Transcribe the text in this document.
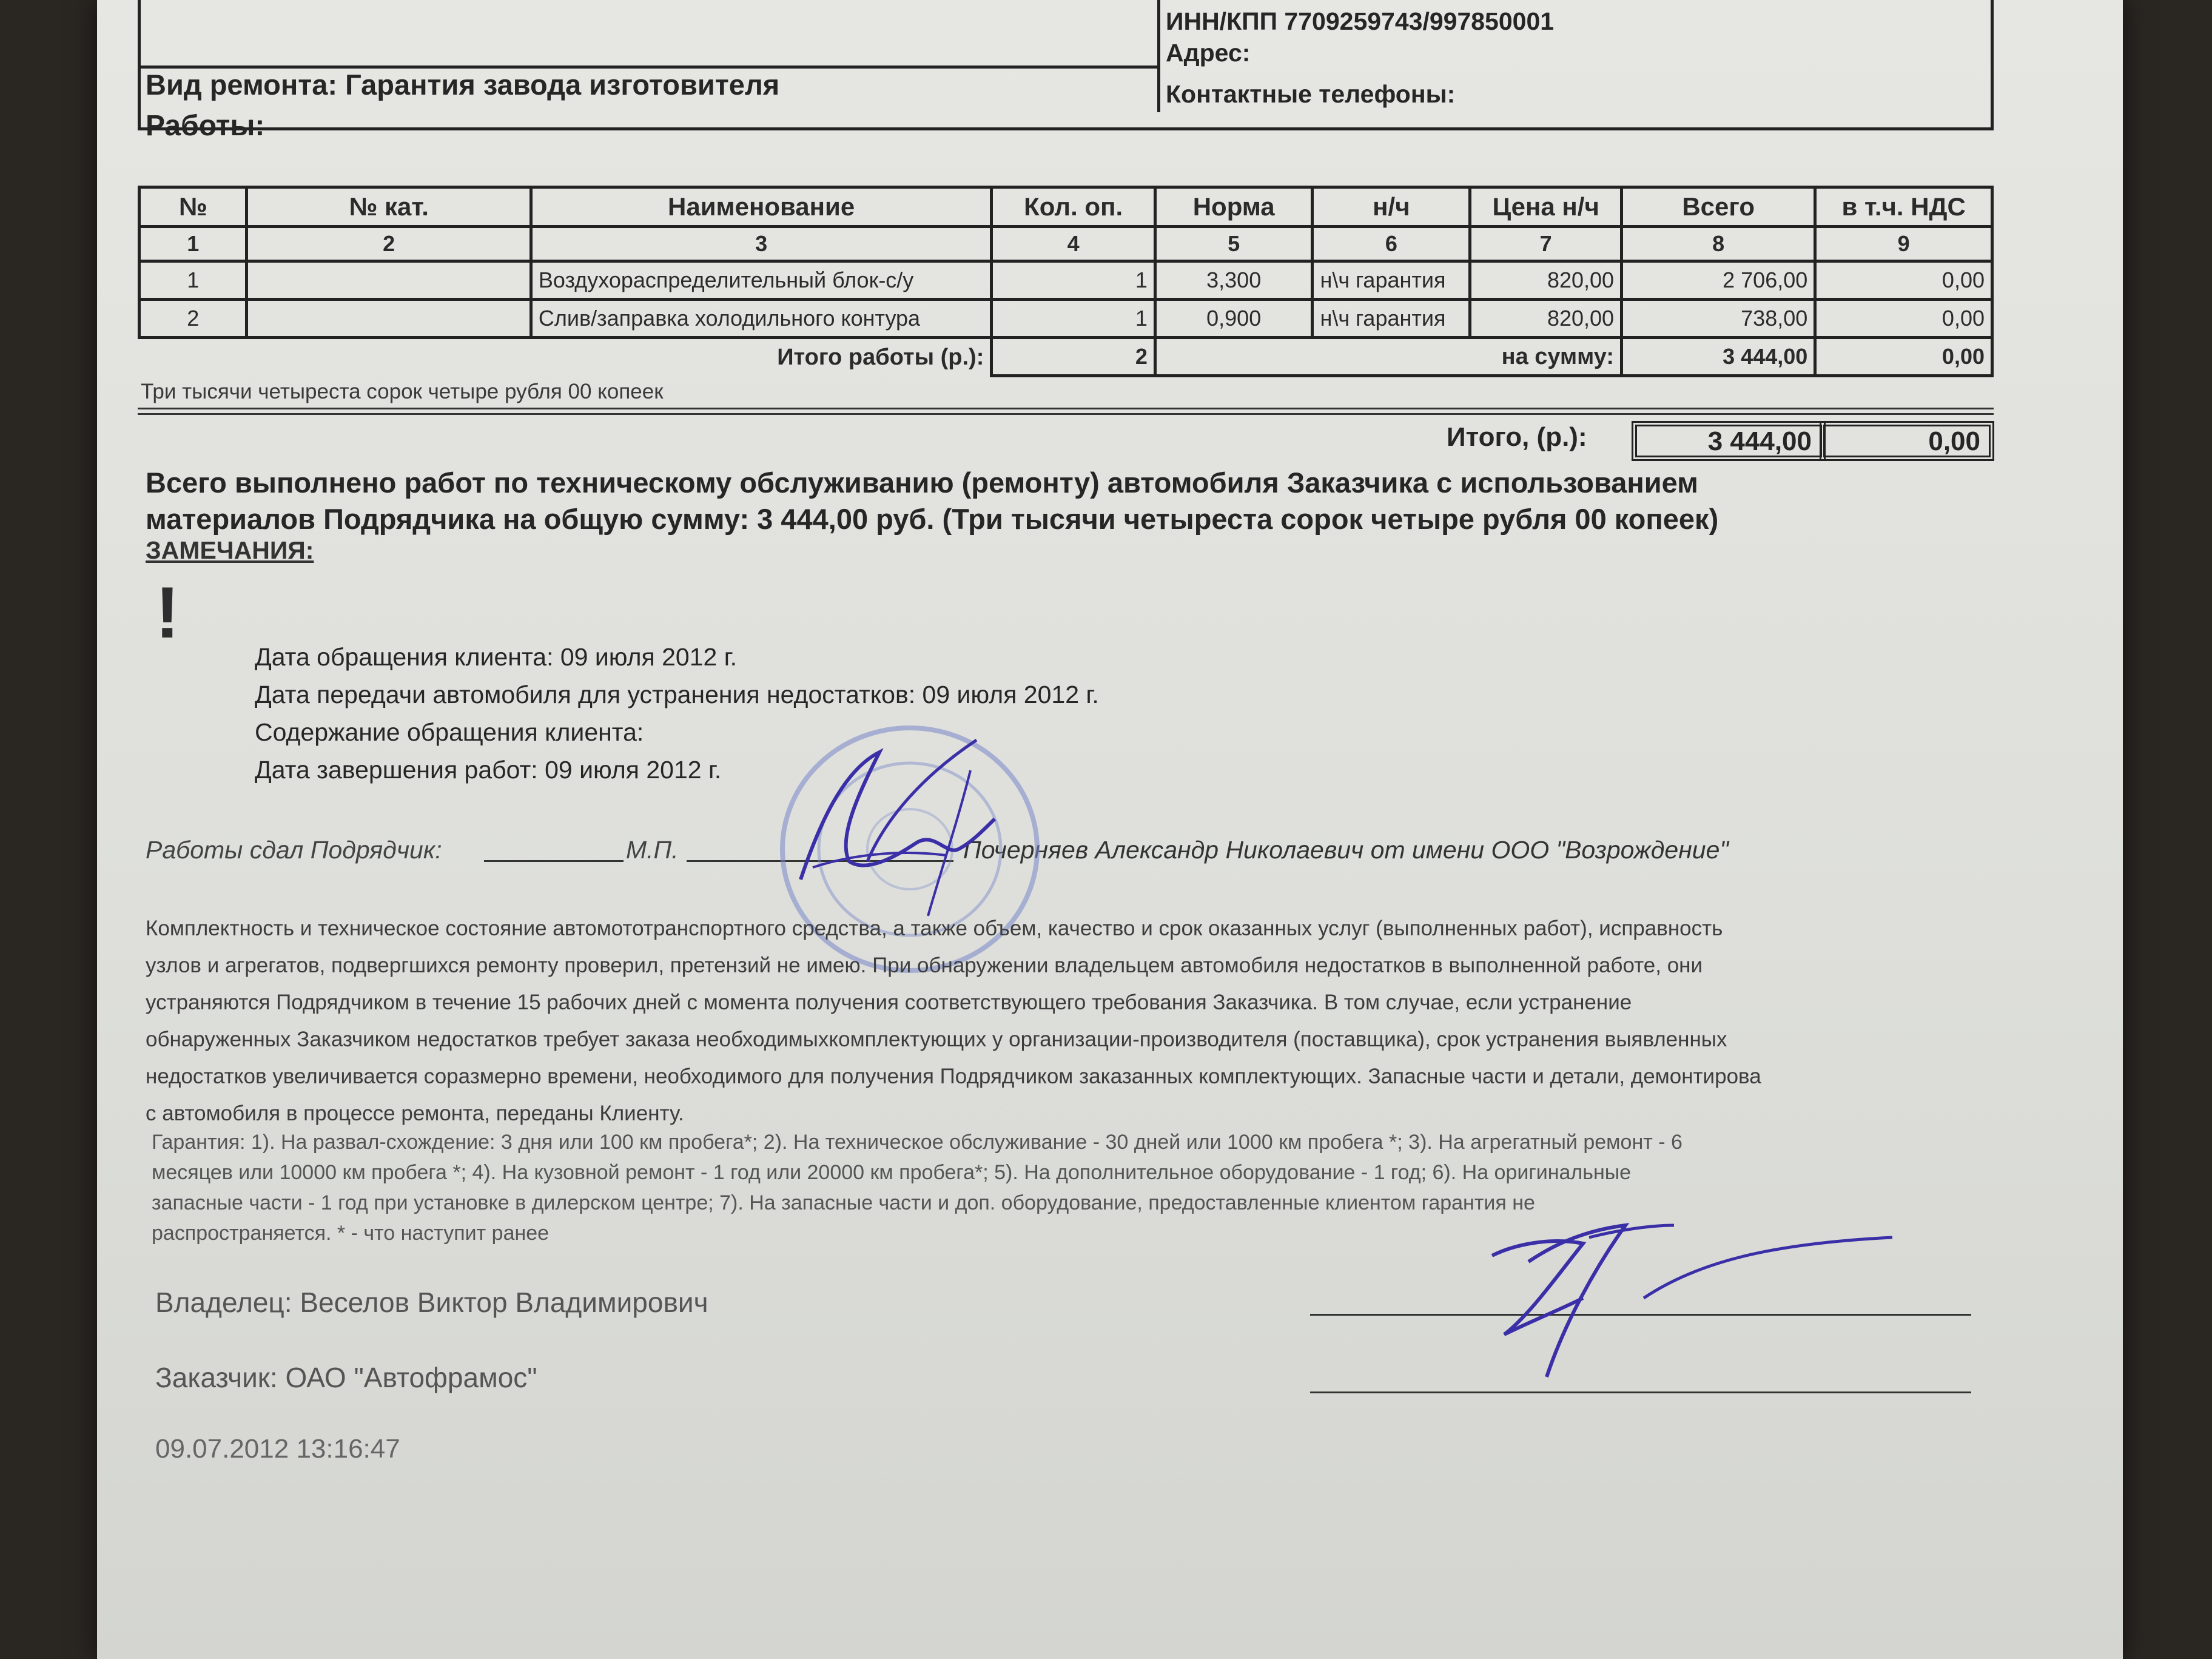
ИНН/КПП 7709259743/997850001
Адрес:
Контактные телефоны:
Вид ремонта: Гарантия завода изготовителя
Работы:
№	№ кат.	Наименование	Кол. оп.	Норма	н/ч	Цена н/ч	Всего	в т.ч. НДС
1	2	3	4	5	6	7	8	9
1		Воздухораспределительный блок-с/у	1	3,300	н\ч гарантия	820,00	2 706,00	0,00
2		Слив/заправка холодильного контура	1	0,900	н\ч гарантия	820,00	738,00	0,00
Итого работы (р.):			2	на сумму:			3 444,00	0,00
Три тысячи четыреста сорок четыре рубля 00 копеек
Итого, (р.):	3 444,00	0,00
Всего выполнено работ по техническому обслуживанию (ремонту) автомобиля Заказчика с использованием
материалов Подрядчика на общую сумму: 3 444,00 руб. (Три тысячи четыреста сорок четыре рубля 00 копеек)
ЗАМЕЧАНИЯ:
!
Дата обращения клиента: 09 июля 2012 г.
Дата передачи автомобиля для устранения недостатков: 09 июля 2012 г.
Содержание обращения клиента:
Дата завершения работ: 09 июля 2012 г.
Работы сдал Подрядчик:	М.П.	Почерняев Александр Николаевич от имени ООО "Возрождение"
Комплектность и техническое состояние автомототранспортного средства, а также объем, качество и срок оказанных услуг (выполненных работ), исправность
узлов и агрегатов, подвергшихся ремонту проверил, претензий не имею. При обнаружении владельцем автомобиля недостатков в выполненной работе, они
устраняются Подрядчиком в течение 15 рабочих дней с момента получения соответствующего требования Заказчика. В том случае, если устранение
обнаруженных Заказчиком недостатков требует заказа необходимыхкомплектующих у организации-производителя (поставщика), срок устранения выявленных
недостатков увеличивается соразмерно времени, необходимого для получения Подрядчиком заказанных комплектующих. Запасные части и детали, демонтирова
с автомобиля в процессе ремонта, переданы Клиенту.
Гарантия: 1). На развал-схождение: 3 дня или 100 км пробега*; 2). На техническое обслуживание - 30 дней или 1000 км пробега *; 3). На агрегатный ремонт - 6
месяцев или 10000 км пробега *; 4). На кузовной ремонт - 1 год или 20000 км пробега*; 5). На дополнительное оборудование - 1 год; 6). На оригинальные
запасные части - 1 год при установке в дилерском центре; 7). На запасные части и доп. оборудование, предоставленные клиентом гарантия не
распространяется. * - что наступит ранее
Владелец: Веселов Виктор Владимирович
Заказчик: ОАО "Автофрамос"
09.07.2012 13:16:47
